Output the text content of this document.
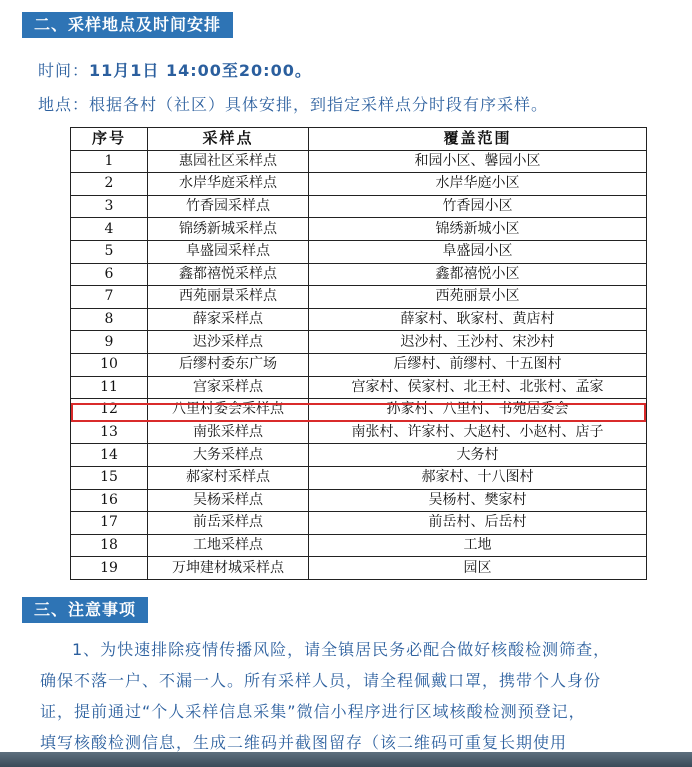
二、采样地点及时间安排
时间：11月1日 14:00至20:00。
地点：根据各村（社区）具体安排，到指定采样点分时段有序采样。
序号	采样点	覆盖范围
1	惠园社区采样点	和园小区、馨园小区
2	水岸华庭采样点	水岸华庭小区
3	竹香园采样点	竹香园小区
4	锦绣新城采样点	锦绣新城小区
5	阜盛园采样点	阜盛园小区
6	鑫都禧悦采样点	鑫都禧悦小区
7	西苑丽景采样点	西苑丽景小区
8	薛家采样点	薛家村、耿家村、黄店村
9	迟沙采样点	迟沙村、王沙村、宋沙村
10	后缪村委东广场	后缪村、前缪村、十五图村
11	宫家采样点	宫家村、侯家村、北王村、北张村、孟家
12	八里村委会采样点	孙家村、八里村、书苑居委会
13	南张采样点	南张村、许家村、大赵村、小赵村、店子
14	大务采样点	大务村
15	郝家村采样点	郝家村、十八图村
16	吴杨采样点	吴杨村、樊家村
17	前岳采样点	前岳村、后岳村
18	工地采样点	工地
19	万坤建材城采样点	园区
三、注意事项
1、为快速排除疫情传播风险，请全镇居民务必配合做好核酸检测筛查，
确保不落一户、不漏一人。所有采样人员，请全程佩戴口罩，携带个人身份
证，提前通过“个人采样信息采集”微信小程序进行区域核酸检测预登记，
填写核酸检测信息，生成二维码并截图留存（该二维码可重复长期使用
